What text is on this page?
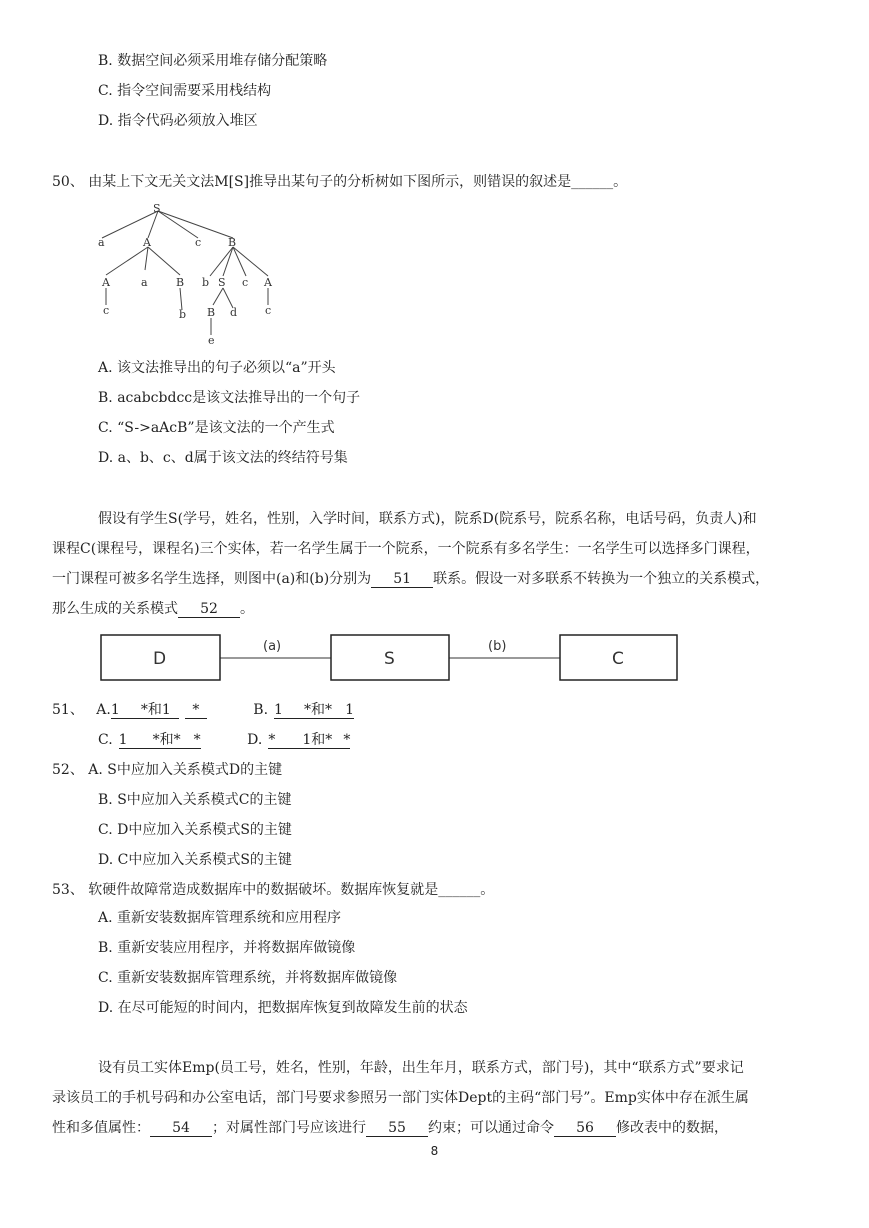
B. 数据空间必须采用堆存储分配策略
C. 指令空间需要采用栈结构
D. 指令代码必须放入堆区
50、 由某上下文无关文法M[S]推导出某句子的分析树如下图所示，则错误的叙述是______。
S
a	A	c B
A	a	B b S c A
c	b B d	c
e
A. 该文法推导出的句子必须以“a”开头
B. acabcbdcc是该文法推导出的一个句子
C. “S->aAcB”是该文法的一个产生式
D. a、b、c、d属于该文法的终结符号集
假设有学生S(学号，姓名，性别，入学时间，联系方式)，院系D(院系号，院系名称，电话号码，负责人)和
课程C(课程号，课程名)三个实体，若一名学生属于一个院系，一个院系有多名学生：一名学生可以选择多门课程，
一门课程可被多名学生选择，则图中(a)和(b)分别为 51 联系。假设一对多联系不转换为一个独立的关系模式，
那么生成的关系模式 52 。
D	S	C
(a)	(b)
51、 A.1 *和1 *	B. 1 *和* 1
C. 1 *和* *	D. * 1和* *
52、 A. S中应加入关系模式D的主键
B. S中应加入关系模式C的主键
C. D中应加入关系模式S的主键
D. C中应加入关系模式S的主键
53、 软硬件故障常造成数据库中的数据破坏。数据库恢复就是______。
A. 重新安装数据库管理系统和应用程序
B. 重新安装应用程序，并将数据库做镜像
C. 重新安装数据库管理系统，并将数据库做镜像
D. 在尽可能短的时间内，把数据库恢复到故障发生前的状态
设有员工实体Emp(员工号，姓名，性别，年龄，出生年月，联系方式，部门号)，其中“联系方式”要求记
录该员工的手机号码和办公室电话，部门号要求参照另一部门实体Dept的主码“部门号”。Emp实体中存在派生属
性和多值属性： 54 ；对属性部门号应该进行 55 约束；可以通过命令 56 修改表中的数据，
8
